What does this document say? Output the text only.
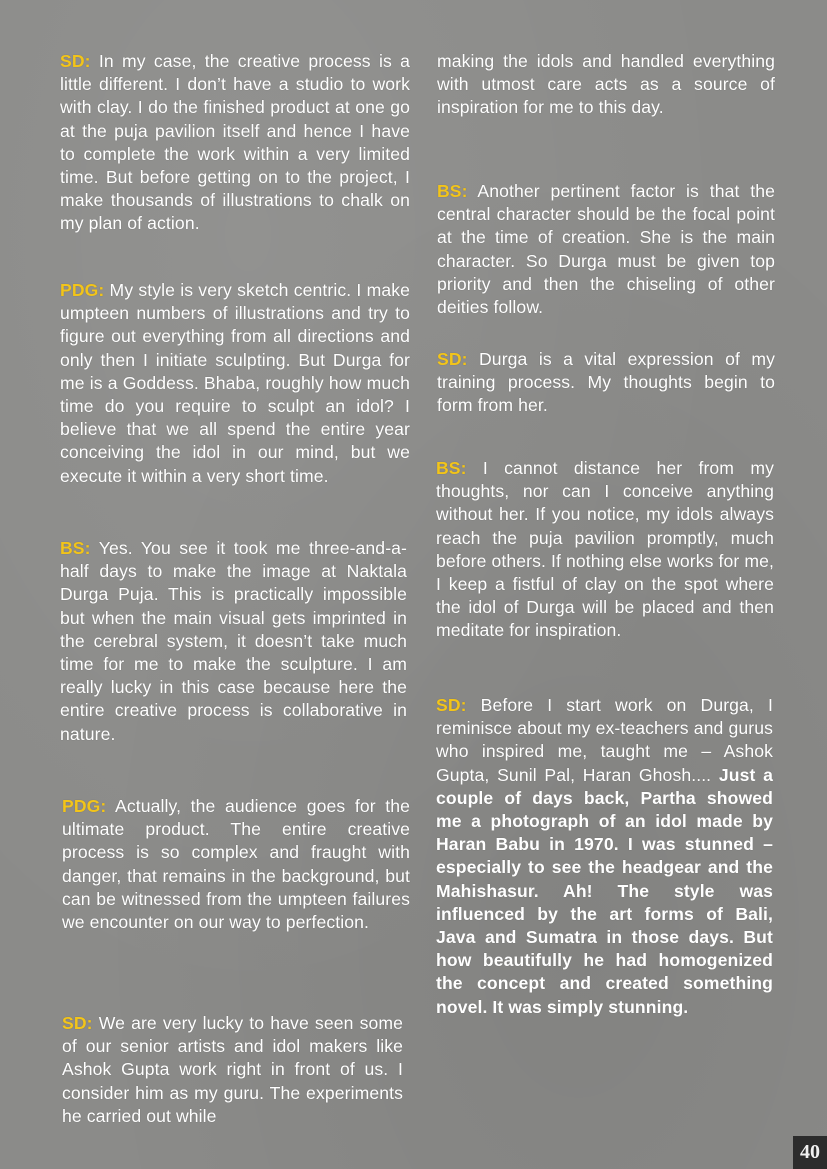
SD: In my case, the creative process is a little different. I don’t have a studio to work with clay. I do the finished product at one go at the puja pavilion itself and hence I have to complete the work within a very limited time. But before getting on to the project, I make thousands of illustrations to chalk on my plan of action.

PDG: My style is very sketch centric. I make umpteen numbers of illustrations and try to figure out everything from all directions and only then I initiate sculpting. But Durga for me is a Goddess. Bhaba, roughly how much time do you require to sculpt an idol? I believe that we all spend the entire year conceiving the idol in our mind, but we execute it within a very short time.

BS: Yes. You see it took me three-and-a-half days to make the image at Naktala Durga Puja. This is practically impossible but when the main visual gets imprinted in the cerebral system, it doesn’t take much time for me to make the sculpture. I am really lucky in this case because here the entire creative process is collaborative in nature.

PDG: Actually, the audience goes for the ultimate product. The entire creative process is so complex and fraught with danger, that remains in the background, but can be witnessed from the umpteen failures we encounter on our way to perfection.

SD: We are very lucky to have seen some of our senior artists and idol makers like Ashok Gupta work right in front of us. I consider him as my guru. The experiments he carried out while

making the idols and handled everything with utmost care acts as a source of inspiration for me to this day.

BS: Another pertinent factor is that the central character should be the focal point at the time of creation. She is the main character. So Durga must be given top priority and then the chiseling of other deities follow.

SD: Durga is a vital expression of my training process. My thoughts begin to form from her.

BS: I cannot distance her from my thoughts, nor can I conceive anything without her. If you notice, my idols always reach the puja pavilion promptly, much before others. If nothing else works for me, I keep a fistful of clay on the spot where the idol of Durga will be placed and then meditate for inspiration.

SD: Before I start work on Durga, I reminisce about my ex-teachers and gurus who inspired me, taught me – Ashok Gupta, Sunil Pal, Haran Ghosh.... Just a couple of days back, Partha showed me a photograph of an idol made by Haran Babu in 1970. I was stunned – especially to see the headgear and the Mahishasur. Ah! The style was influenced by the art forms of Bali, Java and Sumatra in those days. But how beautifully he had homogenized the concept and created something novel. It was simply stunning.

40
